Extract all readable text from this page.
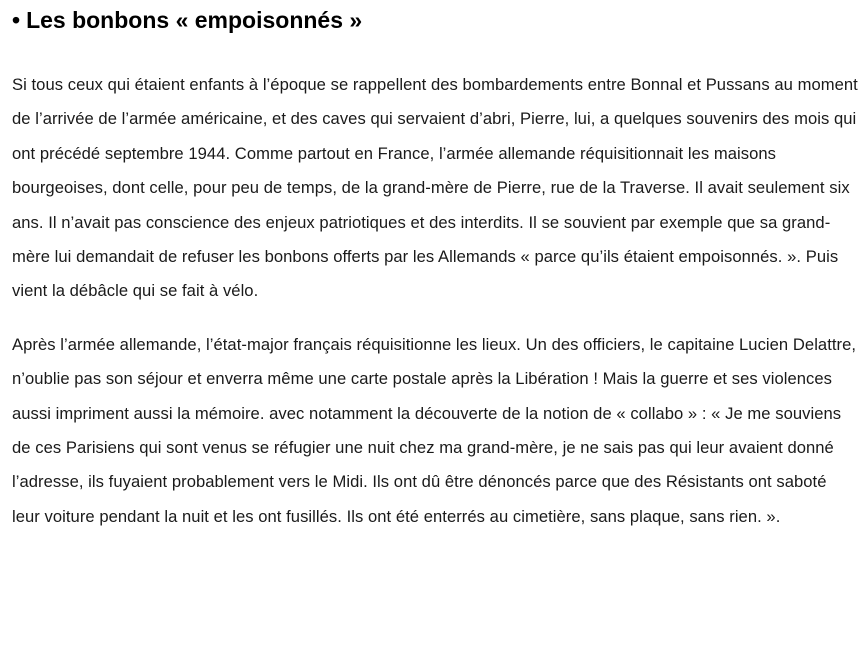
• Les bonbons « empoisonnés »

Si tous ceux qui étaient enfants à l’époque se rappellent des bombardements entre Bonnal et Pussans au moment de l’arrivée de l’armée américaine, et des caves qui servaient d’abri, Pierre, lui, a quelques souvenirs des mois qui ont précédé septembre 1944. Comme partout en France, l’armée allemande réquisitionnait les maisons bourgeoises, dont celle, pour peu de temps, de la grand-mère de Pierre, rue de la Traverse. Il avait seulement six ans. Il n’avait pas conscience des enjeux patriotiques et des interdits. Il se souvient par exemple que sa grand-mère lui demandait de refuser les bonbons offerts par les Allemands « parce qu’ils étaient empoisonnés. ». Puis vient la débâcle qui se fait à vélo.

Après l’armée allemande, l’état-major français réquisitionne les lieux. Un des officiers, le capitaine Lucien Delattre, n’oublie pas son séjour et enverra même une carte postale après la Libération ! Mais la guerre et ses violences aussi impriment aussi la mémoire. avec notamment la découverte de la notion de « collabo » : « Je me souviens de ces Parisiens qui sont venus se réfugier une nuit chez ma grand-mère, je ne sais pas qui leur avaient donné l’adresse, ils fuyaient probablement vers le Midi. Ils ont dû être dénoncés parce que des Résistants ont saboté leur voiture pendant la nuit et les ont fusillés. Ils ont été enterrés au cimetière, sans plaque, sans rien. ».
